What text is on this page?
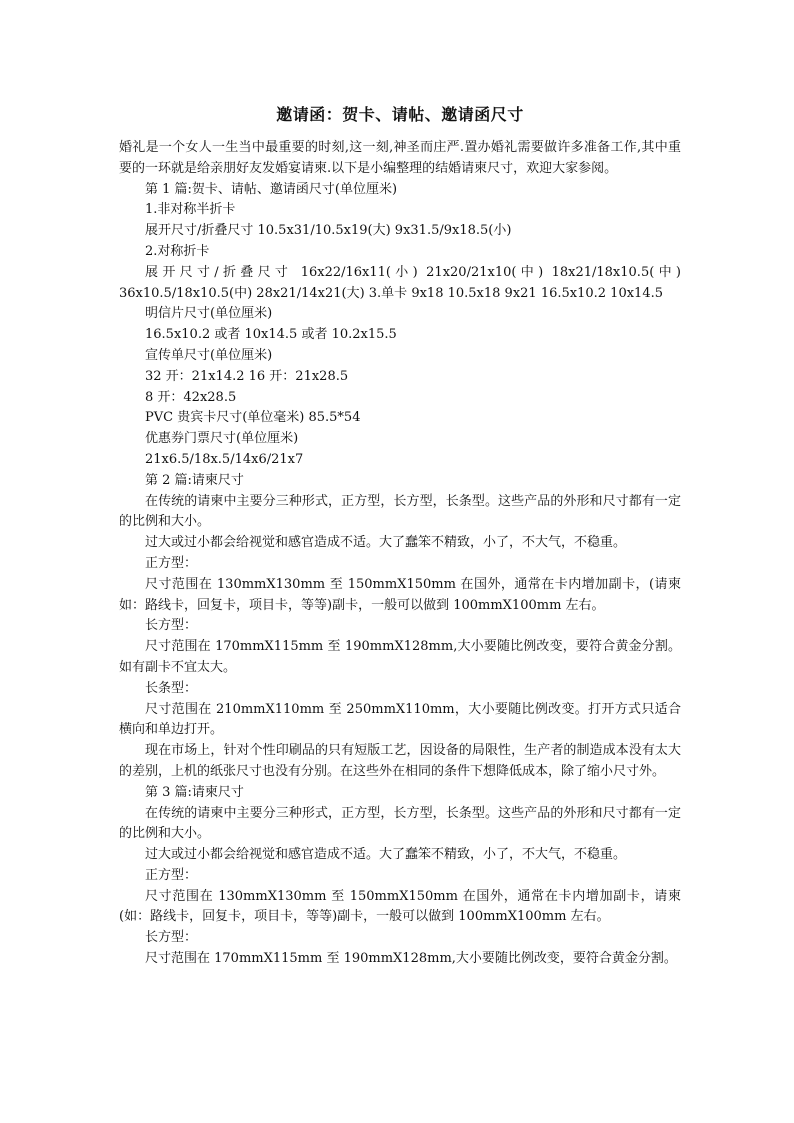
邀请函：贺卡、请帖、邀请函尺寸

婚礼是一个女人一生当中最重要的时刻,这一刻,神圣而庄严.置办婚礼需要做许多准备工作,其中重要的一环就是给亲朋好友发婚宴请柬.以下是小编整理的结婚请柬尺寸，欢迎大家参阅。

第 1 篇:贺卡、请帖、邀请函尺寸(单位厘米)

1.非对称半折卡

展开尺寸/折叠尺寸 10.5x31/10.5x19(大) 9x31.5/9x18.5(小)

2.对称折卡

展开尺寸/折叠尺寸 16x22/16x11(小) 21x20/21x10(中) 18x21/18x10.5(中)

36x10.5/18x10.5(中) 28x21/14x21(大) 3.单卡 9x18 10.5x18 9x21 16.5x10.2 10x14.5

明信片尺寸(单位厘米)

16.5x10.2 或者 10x14.5 或者 10.2x15.5

宣传单尺寸(单位厘米)

32 开：21x14.2 16 开：21x28.5

8 开：42x28.5

PVC 贵宾卡尺寸(单位毫米) 85.5*54

优惠券门票尺寸(单位厘米)

21x6.5/18x.5/14x6/21x7

第 2 篇:请柬尺寸

在传统的请柬中主要分三种形式，正方型，长方型，长条型。这些产品的外形和尺寸都有一定的比例和大小。

过大或过小都会给视觉和感官造成不适。大了蠢笨不精致，小了，不大气，不稳重。

正方型：

尺寸范围在 130mmX130mm 至 150mmX150mm 在国外，通常在卡内增加副卡，(请柬如：路线卡，回复卡，项目卡，等等)副卡，一般可以做到 100mmX100mm 左右。

长方型：

尺寸范围在 170mmX115mm 至 190mmX128mm,大小要随比例改变，要符合黄金分割。如有副卡不宜太大。

长条型：

尺寸范围在 210mmX110mm 至 250mmX110mm，大小要随比例改变。打开方式只适合横向和单边打开。

现在市场上，针对个性印刷品的只有短版工艺，因设备的局限性，生产者的制造成本没有太大的差别，上机的纸张尺寸也没有分别。在这些外在相同的条件下想降低成本，除了缩小尺寸外。

第 3 篇:请柬尺寸

在传统的请柬中主要分三种形式，正方型，长方型，长条型。这些产品的外形和尺寸都有一定的比例和大小。

过大或过小都会给视觉和感官造成不适。大了蠢笨不精致，小了，不大气，不稳重。

正方型：

尺寸范围在 130mmX130mm 至 150mmX150mm 在国外，通常在卡内增加副卡，请柬(如：路线卡，回复卡，项目卡，等等)副卡，一般可以做到 100mmX100mm 左右。

长方型：

尺寸范围在 170mmX115mm 至 190mmX128mm,大小要随比例改变，要符合黄金分割。
